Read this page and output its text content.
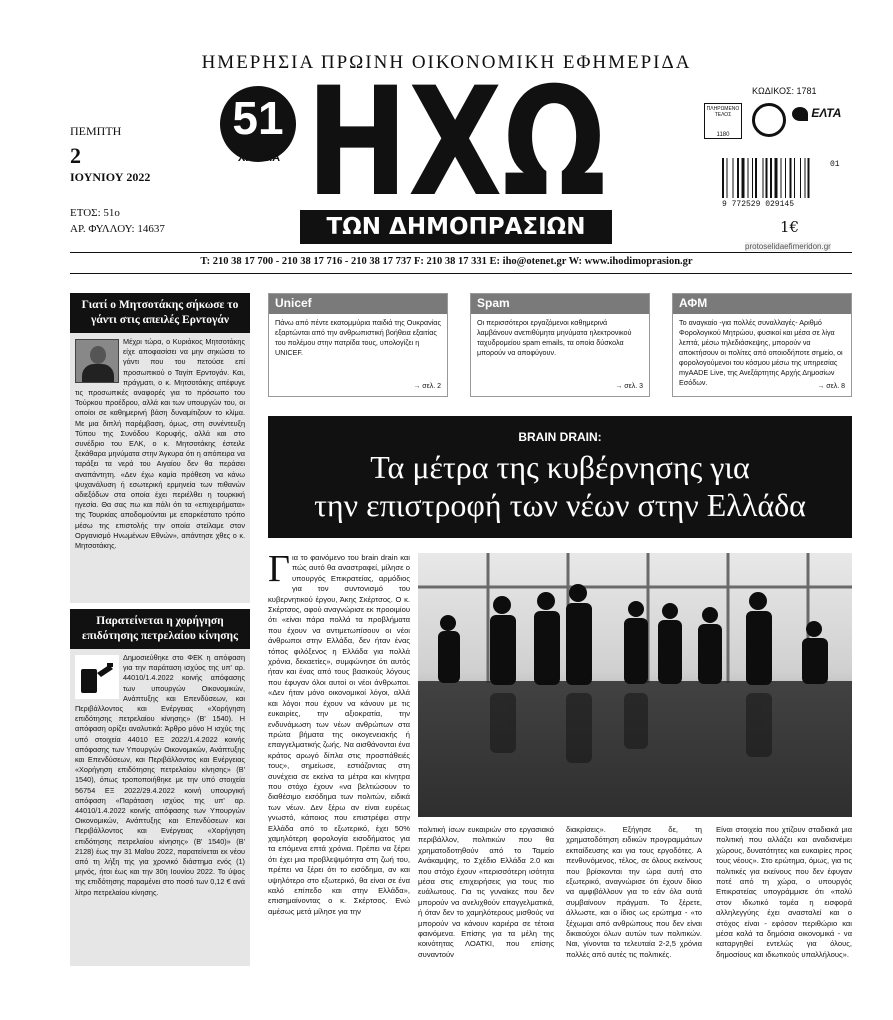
ΗΜΕΡΗΣΙΑ ΠΡΩΙΝΗ ΟΙΚΟΝΟΜΙΚΗ ΕΦΗΜΕΡΙΔΑ
ΠΕΜΠΤΗ
2
ΙΟΥΝΙΟΥ 2022
ΕΤΟΣ: 51ο
ΑΡ. ΦΥΛΛΟΥ: 14637
51
ΧΡΟΝΙΑ ΗΧΩ
ΤΩΝ ΔΗΜΟΠΡΑΣΙΩΝ
ΚΩΔΙΚΟΣ: 1781
ΠΛΗΡΩΜΕΝΟ ΤΕΛΟΣ
1180
ΕΛΤΑ
9 772529 029145
01
1€
protoselidaefimeridon.gr
T: 210 38 17 700 - 210 38 17 716 - 210 38 17 737 F: 210 38 17 331 E: iho@otenet.gr W: www.ihodimoprasion.gr
Γιατί ο Μητσοτάκης σήκωσε το γάντι στις απειλές Ερντογάν
Μέχρι τώρα, ο Κυριάκος Μητσοτάκης είχε αποφασίσει να μην σηκώσει το γάντι που του πετούσε επί προσωπικού ο Ταγίπ Ερντογάν. Και, πράγματι, ο κ. Μητσοτάκης απέφυγε τις προσωπικές αναφορές για το πρόσωπο του Τούρκου προέδρου, αλλά και των υπουργών του, οι οποίοι σε καθημερινή βάση δυναμίτιζουν το κλίμα. Με μια διπλή παρέμβαση, όμως, στη συνέντευξη Τύπου της Συνόδου Κορυφής, αλλά και στο συνέδριο του ΕΛΚ, ο κ. Μητσοτάκης έστειλε ξεκάθαρα μηνύματα στην Άγκυρα ότι η απόπειρα να ταράξει τα νερά του Αιγαίου δεν θα περάσει αναπάντητη. «Δεν έχω καμία πρόθεση να κάνω ψυχανάλυση ή εσωτερική ερμηνεία των πιθανών αδιεξόδων στα οποία έχει περιέλθει η τουρκική ηγεσία. Θα σας πω και πάλι ότι τα «επιχειρήματα» της Τουρκίας αποδομούνται με επαρκέστατο τρόπο μέσω της επιστολής την οποία στείλαμε στον Οργανισμό Ηνωμένων Εθνών», απάντησε χθες ο κ. Μητσοτάκης.
Παρατείνεται η χορήγηση επιδότησης πετρελαίου κίνησης
Δημοσιεύθηκε στο ΦΕΚ η απόφαση για την παράταση ισχύος της υπ' αρ. 44010/1.4.2022 κοινής απόφασης των υπουργών Οικονομικών, Ανάπτυξης και Επενδύσεων, και Περιβάλλοντος και Ενέργειας «Χορήγηση επιδότησης πετρελαίου κίνησης» (Β' 1540). Η απόφαση ορίζει αναλυτικά: Άρθρο μόνο Η ισχύς της υπό στοιχεία 44010 ΕΞ 2022/1.4.2022 κοινής απόφασης των Υπουργών Οικονομικών, Ανάπτυξης και Επενδύσεων, και Περιβάλλοντος και Ενέργειας «Χορήγηση επιδότησης πετρελαίου κίνησης» (Β' 1540), όπως τροποποιήθηκε με την υπό στοιχεία 56754 ΕΞ 2022/29.4.2022 κοινή υπουργική απόφαση «Παράταση ισχύος της υπ' αρ. 44010/1.4.2022 κοινής απόφασης των Υπουργών Οικονομικών, Ανάπτυξης και Επενδύσεων και Περιβάλλοντος και Ενέργειας «Χορήγηση επιδότησης πετρελαίου κίνησης» (Β' 1540)» (Β' 2128) έως την 31 Μαΐου 2022, παρατείνεται εκ νέου από τη λήξη της για χρονικό διάστημα ενός (1) μηνός, ήτοι έως και την 30η Ιουνίου 2022. Το ύψος της επιδότησης παραμένει στο ποσό των 0,12 € ανά λίτρο πετρελαίου κίνησης.
Unicef
Πάνω από πέντε εκατομμύρια παιδιά της Ουκρανίας εξαρτώνται από την ανθρωπιστική βοήθεια εξαιτίας του πολέμου στην πατρίδα τους, υπολογίζει η UNICEF.
→ σελ. 2
Spam
Οι περισσότεροι εργαζόμενοι καθημερινά λαμβάνουν ανεπιθύμητα μηνύματα ηλεκτρονικού ταχυδρομείου spam emails, τα οποία δύσκολα μπορούν να αποφύγουν.
→ σελ. 3
ΑΦΜ
Το αναγκαίο -για πολλές συναλλαγές- Αριθμό Φορολογικού Μητρώου, φυσικοί και μέσα σε λίγα λεπτά, μέσω τηλεδιάσκεψης, μπορούν να αποκτήσουν οι πολίτες από οποιοδήποτε σημείο, οι φορολογούμενοι του κόσμου μέσω της υπηρεσίας myAADE Live, της Ανεξάρτητης Αρχής Δημοσίων Εσόδων.	→ σελ. 8
BRAIN DRAIN:
Τα μέτρα της κυβέρνησης για
την επιστροφή των νέων στην Ελλάδα
Για το φαινόμενο του brain drain και πώς αυτό θα αναστραφεί, μίλησε ο υπουργός Επικρατείας, αρμόδιος για τον συντονισμό του κυβερνητικού έργου, Άκης Σκέρτσος. Ο κ. Σκέρτσος, αφού αναγνώρισε εκ προοιμίου ότι «είναι πάρα πολλά τα προβλήματα που έχουν να αντιμετωπίσουν οι νέοι άνθρωποι στην Ελλάδα, δεν ήταν ένας τόπος φιλόξενος η Ελλάδα για πολλά χρόνια, δεκαετίες», συμφώνησε ότι αυτός ήταν και ένας από τους βασικούς λόγους που έφυγαν όλοι αυτοί οι νέοι άνθρωποι. «Δεν ήταν μόνο οικονομικοί λόγοι, αλλά και λόγοι που έχουν να κάνουν με τις ευκαιρίες, την αξιοκρατία, την ενδυνάμωση των νέων ανθρώπων στα πρώτα βήματα της οικογενειακής ή επαγγελματικής ζωής. Να αισθάνονται ένα κράτος αρωγό δίπλα στις προσπάθειές τους», σημείωσε, εστιάζοντας στη συνέχεια σε εκείνα τα μέτρα και κίνητρα που στόχο έχουν «να βελτιώσουν το διαθέσιμο εισόδημα των πολιτών, ειδικά των νέων. Δεν ξέρω αν είναι ευρέως γνωστό, κάποιος που επιστρέφει στην Ελλάδα από το εξωτερικό, έχει 50% χαμηλότερη φορολογία εισοδήματος για τα επόμενα επτά χρόνια. Πρέπει να ξέρει ότι έχει μια προβλεψιμότητα στη ζωή του, πρέπει να ξέρει ότι το εισόδημα, αν και υψηλότερο στο εξωτερικό, θα είναι σε ένα καλό επίπεδο και στην Ελλάδα», επισημαίνοντας ο κ. Σκέρτσος. Ενώ αμέσως μετά μίλησε για την
πολιτική ίσων ευκαιριών στο εργασιακό περιβάλλον, πολιτικών που θα χρηματοδοτηθούν από το Ταμείο Ανάκαμψης, το Σχέδιο Ελλάδα 2.0 και που στόχο έχουν «περισσότερη ισότητα μέσα στις επιχειρήσεις για τους πιο ευάλωτους. Για τις γυναίκες που δεν μπορούν να ανελιχθούν επαγγελματικά, ή όταν δεν το χαμηλότερους μισθούς να μπορούν να κάνουν καριέρα σε τέτοια φαινόμενα. Επίσης για τα μέλη της κοινότητας ΛΟΑΤΚΙ, που επίσης συναντούν
διακρίσεις». Εξήγησε δε, τη χρηματοδότηση ειδικών προγραμμάτων εκπαίδευσης και για τους εργοδότες. Α πενθυνόμενος, τέλος, σε όλους εκείνους που βρίσκονται την ώρα αυτή στο εξωτερικό, αναγνώρισε ότι έχουν δίκιο να αμφιβάλλουν για το εάν όλα αυτά συμβαίνουν πράγματι. Το ξέρετε, άλλωστε, και ο ίδιος ως ερώτημα - «το ξέχωμαι από ανθρώπους που δεν είναι δικαιούχοι όλων αυτών των πολιτικών. Ναι, γίνονται τα τελευταία 2-2,5 χρόνια πολλές από αυτές τις πολιτικές.
Είναι στοιχεία που χτίζουν σταδιακά μια πολιτική που αλλάζει και αναδιανέμει χώρους, δυνατότητες και ευκαιρίες προς τους νέους». Στο ερώτημα, όμως, για τις πολιτικές για εκείνους που δεν έφυγαν ποτέ από τη χώρα, ο υπουργός Επικρατείας υπογράμμισε ότι «πολύ στον ιδιωτικό τομέα η εισφορά αλληλεγγύης έχει ανασταλεί και ο στόχος είναι - εφόσον περιθώριο και μέσα καλά τα δημόσια οικονομικά - να καταργηθεί εντελώς για όλους, δημοσίους και ιδιωτικούς υπαλλήλους».
